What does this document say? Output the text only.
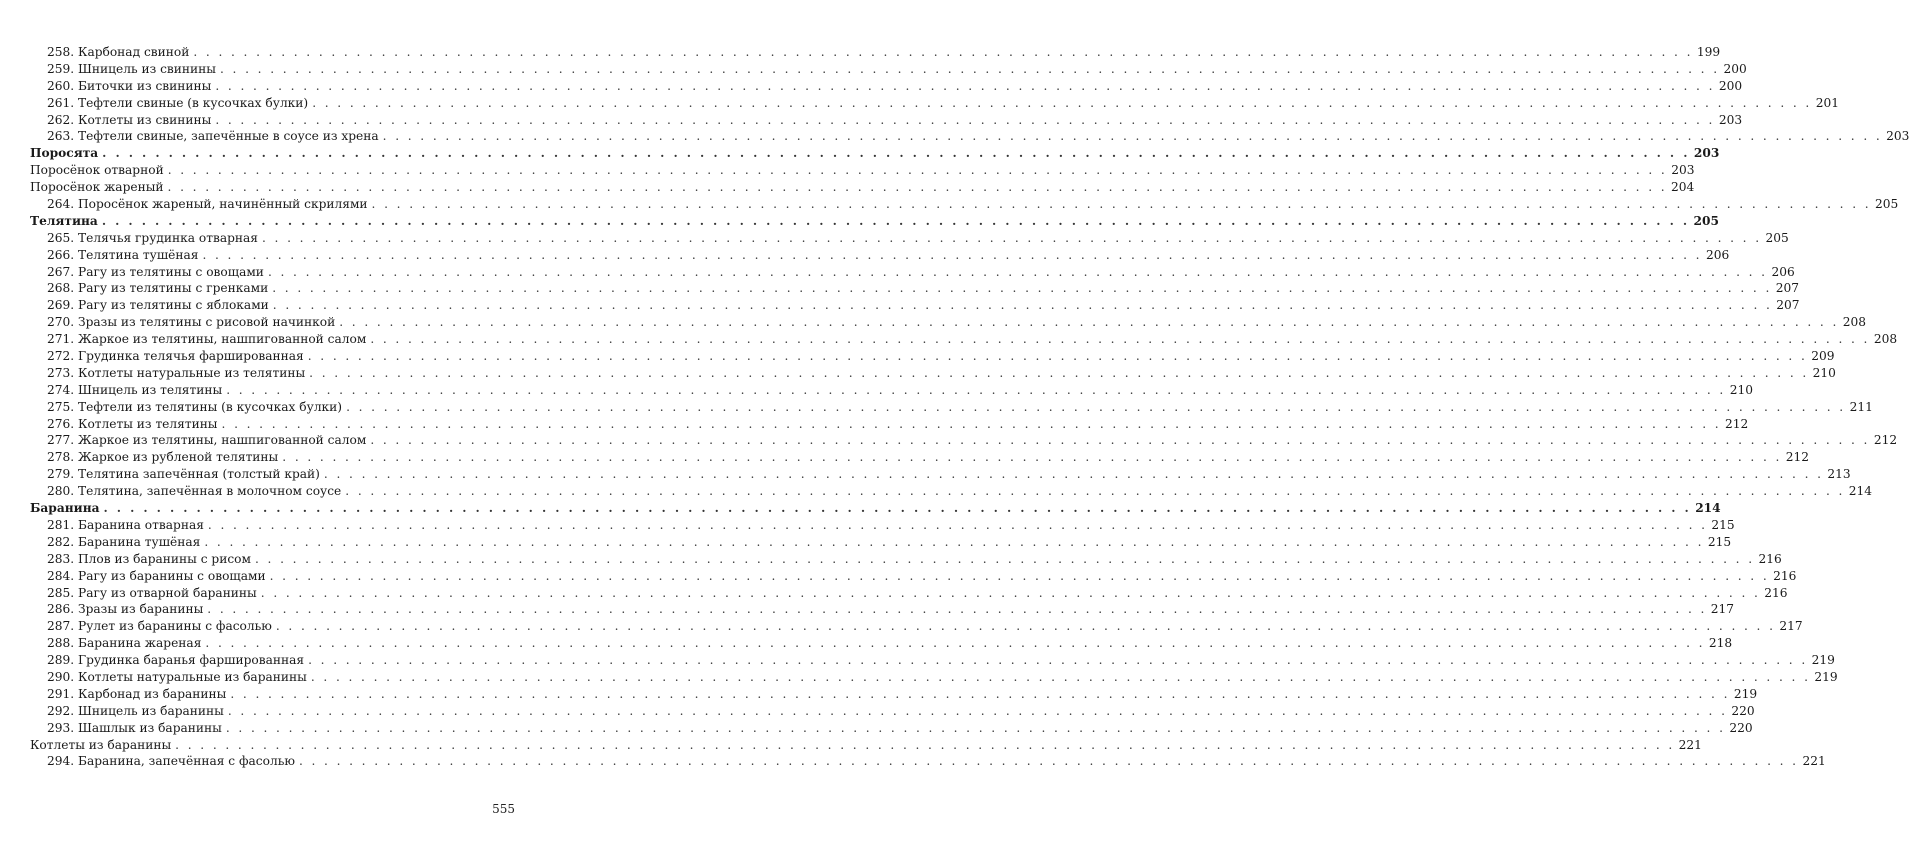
258. Карбонад свиной . . . . . . . . . . . . . . . . . . . . . . . . . . . . . . . . . . . . . . . . . . . . . . . . . . . . . . . . . . . . . . . . . . . . . . . . . . . . . . . . . . . . . . . . . . . . . . . . . . . . . . . . . . . . . . . . . . . . . . . . 199
259. Шницель из свинины . . . . . . . . . . . . . . . . . . . . . . . . . . . . . . . . . . . . . . . . . . . . . . . . . . . . . . . . . . . . . . . . . . . . . . . . . . . . . . . . . . . . . . . . . . . . . . . . . . . . . . . . . . . . . . . . . . . . . . . . 200
260. Биточки из свинины . . . . . . . . . . . . . . . . . . . . . . . . . . . . . . . . . . . . . . . . . . . . . . . . . . . . . . . . . . . . . . . . . . . . . . . . . . . . . . . . . . . . . . . . . . . . . . . . . . . . . . . . . . . . . . . . . . . . . . . . 200
261. Тефтели свиные (в кусочках булки) . . . . . . . . . . . . . . . . . . . . . . . . . . . . . . . . . . . . . . . . . . . . . . . . . . . . . . . . . . . . . . . . . . . . . . . . . . . . . . . . . . . . . . . . . . . . . . . . . . . . . . . . . . . . . . . . . . . . . . . . 201
262. Котлеты из свинины . . . . . . . . . . . . . . . . . . . . . . . . . . . . . . . . . . . . . . . . . . . . . . . . . . . . . . . . . . . . . . . . . . . . . . . . . . . . . . . . . . . . . . . . . . . . . . . . . . . . . . . . . . . . . . . . . . . . . . . . 203
263. Тефтели свиные, запечённые в соусе из хрена . . . . . . . . . . . . . . . . . . . . . . . . . . . . . . . . . . . . . . . . . . . . . . . . . . . . . . . . . . . . . . . . . . . . . . . . . . . . . . . . . . . . . . . . . . . . . . . . . . . . . . . . . . . . . . . . . . . . . . . . 203
Поросята . . . . . . . . . . . . . . . . . . . . . . . . . . . . . . . . . . . . . . . . . . . . . . . . . . . . . . . . . . . . . . . . . . . . . . . . . . . . . . . . . . . . . . . . . . . . . . . . . . . . . . . . . . . . . . . . . . . . . . . . 203
Поросёнок отварной . . . . . . . . . . . . . . . . . . . . . . . . . . . . . . . . . . . . . . . . . . . . . . . . . . . . . . . . . . . . . . . . . . . . . . . . . . . . . . . . . . . . . . . . . . . . . . . . . . . . . . . . . . . . . . . . . . . . . . . . 203
Поросёнок жареный . . . . . . . . . . . . . . . . . . . . . . . . . . . . . . . . . . . . . . . . . . . . . . . . . . . . . . . . . . . . . . . . . . . . . . . . . . . . . . . . . . . . . . . . . . . . . . . . . . . . . . . . . . . . . . . . . . . . . . . . 204
264. Поросёнок жареный, начинённый скрилями . . . . . . . . . . . . . . . . . . . . . . . . . . . . . . . . . . . . . . . . . . . . . . . . . . . . . . . . . . . . . . . . . . . . . . . . . . . . . . . . . . . . . . . . . . . . . . . . . . . . . . . . . . . . . . . . . . . . . . . . 205
Телятина . . . . . . . . . . . . . . . . . . . . . . . . . . . . . . . . . . . . . . . . . . . . . . . . . . . . . . . . . . . . . . . . . . . . . . . . . . . . . . . . . . . . . . . . . . . . . . . . . . . . . . . . . . . . . . . . . . . . . . . . 205
265. Телячья грудинка отварная . . . . . . . . . . . . . . . . . . . . . . . . . . . . . . . . . . . . . . . . . . . . . . . . . . . . . . . . . . . . . . . . . . . . . . . . . . . . . . . . . . . . . . . . . . . . . . . . . . . . . . . . . . . . . . . . . . . . . . . . 205
266. Телятина тушёная . . . . . . . . . . . . . . . . . . . . . . . . . . . . . . . . . . . . . . . . . . . . . . . . . . . . . . . . . . . . . . . . . . . . . . . . . . . . . . . . . . . . . . . . . . . . . . . . . . . . . . . . . . . . . . . . . . . . . . . . 206
267. Рагу из телятины с овощами . . . . . . . . . . . . . . . . . . . . . . . . . . . . . . . . . . . . . . . . . . . . . . . . . . . . . . . . . . . . . . . . . . . . . . . . . . . . . . . . . . . . . . . . . . . . . . . . . . . . . . . . . . . . . . . . . . . . . . . . 206
268. Рагу из телятины с гренками . . . . . . . . . . . . . . . . . . . . . . . . . . . . . . . . . . . . . . . . . . . . . . . . . . . . . . . . . . . . . . . . . . . . . . . . . . . . . . . . . . . . . . . . . . . . . . . . . . . . . . . . . . . . . . . . . . . . . . . . 207
269. Рагу из телятины с яблоками . . . . . . . . . . . . . . . . . . . . . . . . . . . . . . . . . . . . . . . . . . . . . . . . . . . . . . . . . . . . . . . . . . . . . . . . . . . . . . . . . . . . . . . . . . . . . . . . . . . . . . . . . . . . . . . . . . . . . . . . 207
270. Зразы из телятины с рисовой начинкой . . . . . . . . . . . . . . . . . . . . . . . . . . . . . . . . . . . . . . . . . . . . . . . . . . . . . . . . . . . . . . . . . . . . . . . . . . . . . . . . . . . . . . . . . . . . . . . . . . . . . . . . . . . . . . . . . . . . . . . . 208
271. Жаркое из телятины, нашпигованной салом . . . . . . . . . . . . . . . . . . . . . . . . . . . . . . . . . . . . . . . . . . . . . . . . . . . . . . . . . . . . . . . . . . . . . . . . . . . . . . . . . . . . . . . . . . . . . . . . . . . . . . . . . . . . . . . . . . . . . . . . 208
272. Грудинка телячья фаршированная . . . . . . . . . . . . . . . . . . . . . . . . . . . . . . . . . . . . . . . . . . . . . . . . . . . . . . . . . . . . . . . . . . . . . . . . . . . . . . . . . . . . . . . . . . . . . . . . . . . . . . . . . . . . . . . . . . . . . . . . 209
273. Котлеты натуральные из телятины . . . . . . . . . . . . . . . . . . . . . . . . . . . . . . . . . . . . . . . . . . . . . . . . . . . . . . . . . . . . . . . . . . . . . . . . . . . . . . . . . . . . . . . . . . . . . . . . . . . . . . . . . . . . . . . . . . . . . . . . 210
274. Шницель из телятины . . . . . . . . . . . . . . . . . . . . . . . . . . . . . . . . . . . . . . . . . . . . . . . . . . . . . . . . . . . . . . . . . . . . . . . . . . . . . . . . . . . . . . . . . . . . . . . . . . . . . . . . . . . . . . . . . . . . . . . . 210
275. Тефтели из телятины (в кусочках булки) . . . . . . . . . . . . . . . . . . . . . . . . . . . . . . . . . . . . . . . . . . . . . . . . . . . . . . . . . . . . . . . . . . . . . . . . . . . . . . . . . . . . . . . . . . . . . . . . . . . . . . . . . . . . . . . . . . . . . . . . 211
276. Котлеты из телятины . . . . . . . . . . . . . . . . . . . . . . . . . . . . . . . . . . . . . . . . . . . . . . . . . . . . . . . . . . . . . . . . . . . . . . . . . . . . . . . . . . . . . . . . . . . . . . . . . . . . . . . . . . . . . . . . . . . . . . . . 212
277. Жаркое из телятины, нашпигованной салом . . . . . . . . . . . . . . . . . . . . . . . . . . . . . . . . . . . . . . . . . . . . . . . . . . . . . . . . . . . . . . . . . . . . . . . . . . . . . . . . . . . . . . . . . . . . . . . . . . . . . . . . . . . . . . . . . . . . . . . . 212
278. Жаркое из рубленой телятины . . . . . . . . . . . . . . . . . . . . . . . . . . . . . . . . . . . . . . . . . . . . . . . . . . . . . . . . . . . . . . . . . . . . . . . . . . . . . . . . . . . . . . . . . . . . . . . . . . . . . . . . . . . . . . . . . . . . . . . . 212
279. Телятина запечённая (толстый край) . . . . . . . . . . . . . . . . . . . . . . . . . . . . . . . . . . . . . . . . . . . . . . . . . . . . . . . . . . . . . . . . . . . . . . . . . . . . . . . . . . . . . . . . . . . . . . . . . . . . . . . . . . . . . . . . . . . . . . . . 213
280. Телятина, запечённая в молочном соусе . . . . . . . . . . . . . . . . . . . . . . . . . . . . . . . . . . . . . . . . . . . . . . . . . . . . . . . . . . . . . . . . . . . . . . . . . . . . . . . . . . . . . . . . . . . . . . . . . . . . . . . . . . . . . . . . . . . . . . . . 214
Баранина . . . . . . . . . . . . . . . . . . . . . . . . . . . . . . . . . . . . . . . . . . . . . . . . . . . . . . . . . . . . . . . . . . . . . . . . . . . . . . . . . . . . . . . . . . . . . . . . . . . . . . . . . . . . . . . . . . . . . . . . 214
281. Баранина отварная . . . . . . . . . . . . . . . . . . . . . . . . . . . . . . . . . . . . . . . . . . . . . . . . . . . . . . . . . . . . . . . . . . . . . . . . . . . . . . . . . . . . . . . . . . . . . . . . . . . . . . . . . . . . . . . . . . . . . . . . 215
282. Баранина тушёная . . . . . . . . . . . . . . . . . . . . . . . . . . . . . . . . . . . . . . . . . . . . . . . . . . . . . . . . . . . . . . . . . . . . . . . . . . . . . . . . . . . . . . . . . . . . . . . . . . . . . . . . . . . . . . . . . . . . . . . . 215
283. Плов из баранины с рисом . . . . . . . . . . . . . . . . . . . . . . . . . . . . . . . . . . . . . . . . . . . . . . . . . . . . . . . . . . . . . . . . . . . . . . . . . . . . . . . . . . . . . . . . . . . . . . . . . . . . . . . . . . . . . . . . . . . . . . . . 216
284. Рагу из баранины с овощами . . . . . . . . . . . . . . . . . . . . . . . . . . . . . . . . . . . . . . . . . . . . . . . . . . . . . . . . . . . . . . . . . . . . . . . . . . . . . . . . . . . . . . . . . . . . . . . . . . . . . . . . . . . . . . . . . . . . . . . . 216
285. Рагу из отварной баранины . . . . . . . . . . . . . . . . . . . . . . . . . . . . . . . . . . . . . . . . . . . . . . . . . . . . . . . . . . . . . . . . . . . . . . . . . . . . . . . . . . . . . . . . . . . . . . . . . . . . . . . . . . . . . . . . . . . . . . . . 216
286. Зразы из баранины . . . . . . . . . . . . . . . . . . . . . . . . . . . . . . . . . . . . . . . . . . . . . . . . . . . . . . . . . . . . . . . . . . . . . . . . . . . . . . . . . . . . . . . . . . . . . . . . . . . . . . . . . . . . . . . . . . . . . . . . 217
287. Рулет из баранины с фасолью . . . . . . . . . . . . . . . . . . . . . . . . . . . . . . . . . . . . . . . . . . . . . . . . . . . . . . . . . . . . . . . . . . . . . . . . . . . . . . . . . . . . . . . . . . . . . . . . . . . . . . . . . . . . . . . . . . . . . . . . 217
288. Баранина жареная . . . . . . . . . . . . . . . . . . . . . . . . . . . . . . . . . . . . . . . . . . . . . . . . . . . . . . . . . . . . . . . . . . . . . . . . . . . . . . . . . . . . . . . . . . . . . . . . . . . . . . . . . . . . . . . . . . . . . . . . 218
289. Грудинка баранья фаршированная . . . . . . . . . . . . . . . . . . . . . . . . . . . . . . . . . . . . . . . . . . . . . . . . . . . . . . . . . . . . . . . . . . . . . . . . . . . . . . . . . . . . . . . . . . . . . . . . . . . . . . . . . . . . . . . . . . . . . . . . 219
290. Котлеты натуральные из баранины . . . . . . . . . . . . . . . . . . . . . . . . . . . . . . . . . . . . . . . . . . . . . . . . . . . . . . . . . . . . . . . . . . . . . . . . . . . . . . . . . . . . . . . . . . . . . . . . . . . . . . . . . . . . . . . . . . . . . . . . 219
291. Карбонад из баранины . . . . . . . . . . . . . . . . . . . . . . . . . . . . . . . . . . . . . . . . . . . . . . . . . . . . . . . . . . . . . . . . . . . . . . . . . . . . . . . . . . . . . . . . . . . . . . . . . . . . . . . . . . . . . . . . . . . . . . . . 219
292. Шницель из баранины . . . . . . . . . . . . . . . . . . . . . . . . . . . . . . . . . . . . . . . . . . . . . . . . . . . . . . . . . . . . . . . . . . . . . . . . . . . . . . . . . . . . . . . . . . . . . . . . . . . . . . . . . . . . . . . . . . . . . . . . 220
293. Шашлык из баранины . . . . . . . . . . . . . . . . . . . . . . . . . . . . . . . . . . . . . . . . . . . . . . . . . . . . . . . . . . . . . . . . . . . . . . . . . . . . . . . . . . . . . . . . . . . . . . . . . . . . . . . . . . . . . . . . . . . . . . . . 220
Котлеты из баранины . . . . . . . . . . . . . . . . . . . . . . . . . . . . . . . . . . . . . . . . . . . . . . . . . . . . . . . . . . . . . . . . . . . . . . . . . . . . . . . . . . . . . . . . . . . . . . . . . . . . . . . . . . . . . . . . . . . . . . . . 221
294. Баранина, запечённая с фасолью . . . . . . . . . . . . . . . . . . . . . . . . . . . . . . . . . . . . . . . . . . . . . . . . . . . . . . . . . . . . . . . . . . . . . . . . . . . . . . . . . . . . . . . . . . . . . . . . . . . . . . . . . . . . . . . . . . . . . . . . 221
555
